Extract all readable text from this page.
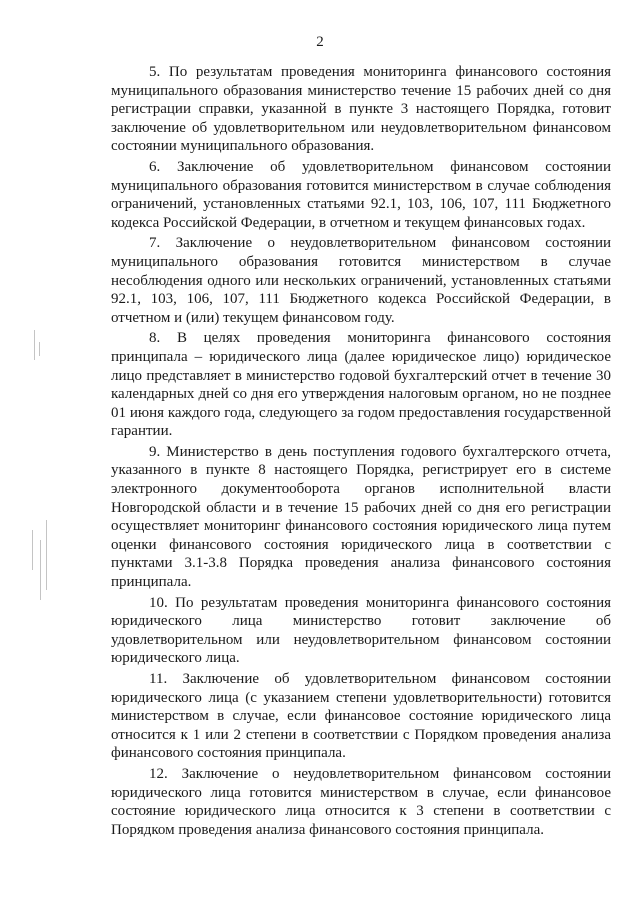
2

5. По результатам проведения мониторинга финансового состояния муниципального образования министерство течение 15 рабочих дней со дня регистрации справки, указанной в пункте 3 настоящего Порядка, готовит заключение об удовлетворительном или неудовлетворительном финансовом состоянии муниципального образования.

6. Заключение об удовлетворительном финансовом состоянии муниципального образования готовится министерством в случае соблюдения ограничений, установленных статьями 92.1, 103, 106, 107, 111 Бюджетного кодекса Российской Федерации, в отчетном и текущем финансовых годах.

7. Заключение о неудовлетворительном финансовом состоянии муниципального образования готовится министерством в случае несоблюдения одного или нескольких ограничений, установленных статьями 92.1, 103, 106, 107, 111 Бюджетного кодекса Российской Федерации, в отчетном и (или) текущем финансовом году.

8. В целях проведения мониторинга финансового состояния принципала – юридического лица (далее юридическое лицо) юридическое лицо представляет в министерство годовой бухгалтерский отчет в течение 30 календарных дней со дня его утверждения налоговым органом, но не позднее 01 июня каждого года, следующего за годом предоставления государственной гарантии.

9. Министерство в день поступления годового бухгалтерского отчета, указанного в пункте 8 настоящего Порядка, регистрирует его в системе электронного документооборота органов исполнительной власти Новгородской области и в течение 15 рабочих дней со дня его регистрации осуществляет мониторинг финансового состояния юридического лица путем оценки финансового состояния юридического лица в соответствии с пунктами 3.1-3.8 Порядка проведения анализа финансового состояния принципала.

10. По результатам проведения мониторинга финансового состояния юридического лица министерство готовит заключение об удовлетворительном или неудовлетворительном финансовом состоянии юридического лица.

11. Заключение об удовлетворительном финансовом состоянии юридического лица (с указанием степени удовлетворительности) готовится министерством в случае, если финансовое состояние юридического лица относится к 1 или 2 степени в соответствии с Порядком проведения анализа финансового состояния принципала.

12. Заключение о неудовлетворительном финансовом состоянии юридического лица готовится министерством в случае, если финансовое состояние юридического лица относится к 3 степени в соответствии с Порядком проведения анализа финансового состояния принципала.
